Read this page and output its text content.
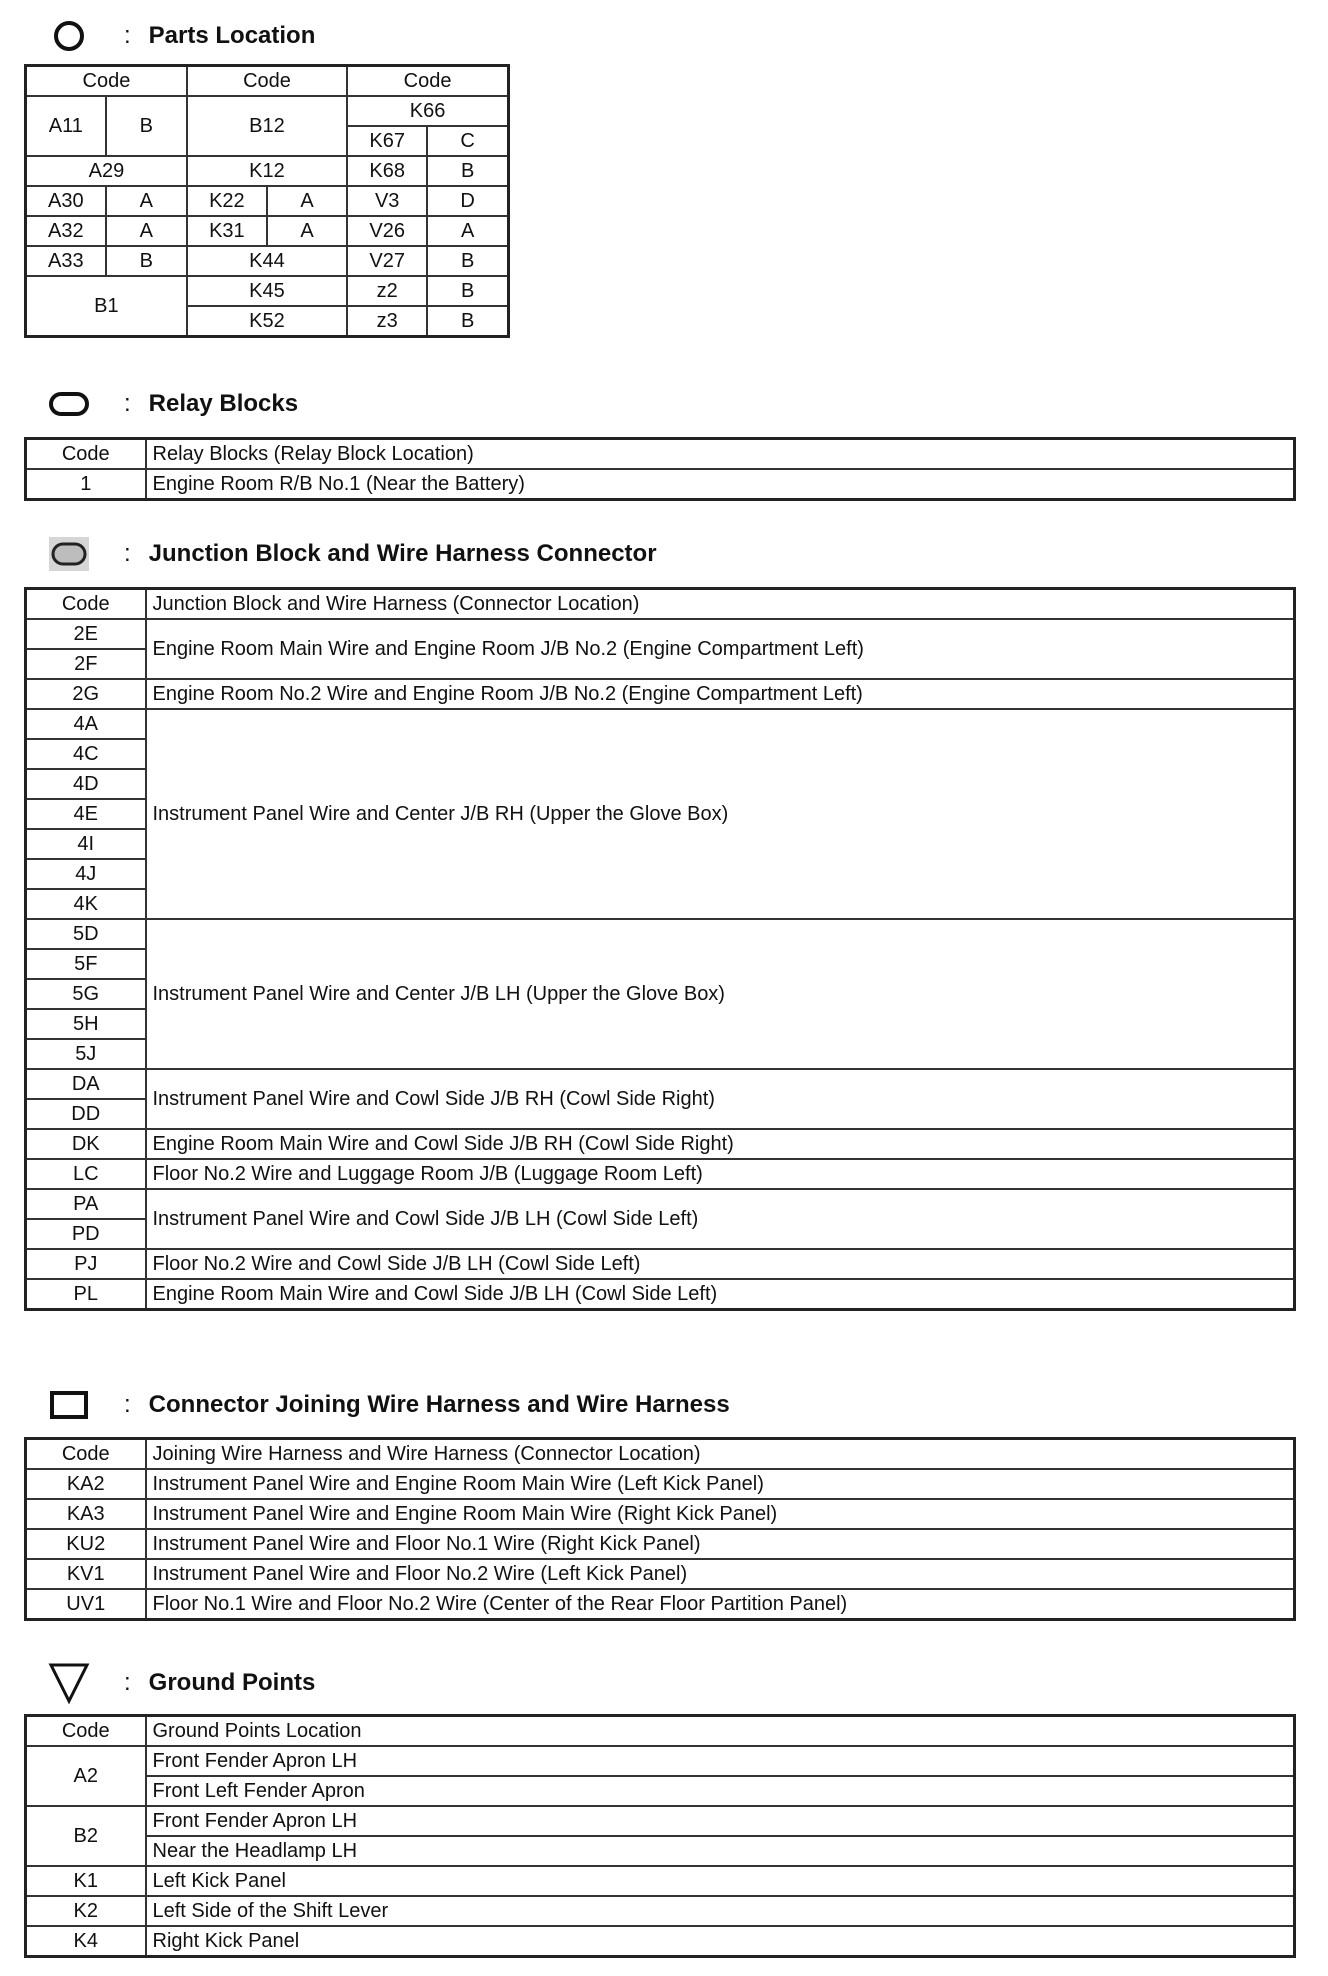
: Parts Location
Code		Code		Code	
A11	B	B12		K66	
				K67	C
A29		K12		K68	B
A30	A	K22	A	V3	D
A32	A	K31	A	V26	A
A33	B	K44		V27	B
B1		K45		z2	B
		K52		z3	B
: Relay Blocks
Code	Relay Blocks (Relay Block Location)
1	Engine Room R/B No.1 (Near the Battery)
: Junction Block and Wire Harness Connector
Code	Junction Block and Wire Harness (Connector Location)
2E	Engine Room Main Wire and Engine Room J/B No.2 (Engine Compartment Left)
2F	
2G	Engine Room No.2 Wire and Engine Room J/B No.2 (Engine Compartment Left)
4A	Instrument Panel Wire and Center J/B RH (Upper the Glove Box)
4C	
4D	
4E	
4I	
4J	
4K	
5D	Instrument Panel Wire and Center J/B LH (Upper the Glove Box)
5F	
5G	
5H	
5J	
DA	Instrument Panel Wire and Cowl Side J/B RH (Cowl Side Right)
DD	
DK	Engine Room Main Wire and Cowl Side J/B RH (Cowl Side Right)
LC	Floor No.2 Wire and Luggage Room J/B (Luggage Room Left)
PA	Instrument Panel Wire and Cowl Side J/B LH (Cowl Side Left)
PD	
PJ	Floor No.2 Wire and Cowl Side J/B LH (Cowl Side Left)
PL	Engine Room Main Wire and Cowl Side J/B LH (Cowl Side Left)
: Connector Joining Wire Harness and Wire Harness
Code	Joining Wire Harness and Wire Harness (Connector Location)
KA2	Instrument Panel Wire and Engine Room Main Wire (Left Kick Panel)
KA3	Instrument Panel Wire and Engine Room Main Wire (Right Kick Panel)
KU2	Instrument Panel Wire and Floor No.1 Wire (Right Kick Panel)
KV1	Instrument Panel Wire and Floor No.2 Wire (Left Kick Panel)
UV1	Floor No.1 Wire and Floor No.2 Wire (Center of the Rear Floor Partition Panel)
: Ground Points
Code	Ground Points Location
A2	Front Fender Apron LH
	Front Left Fender Apron
B2	Front Fender Apron LH
	Near the Headlamp LH
K1	Left Kick Panel
K2	Left Side of the Shift Lever
K4	Right Kick Panel
